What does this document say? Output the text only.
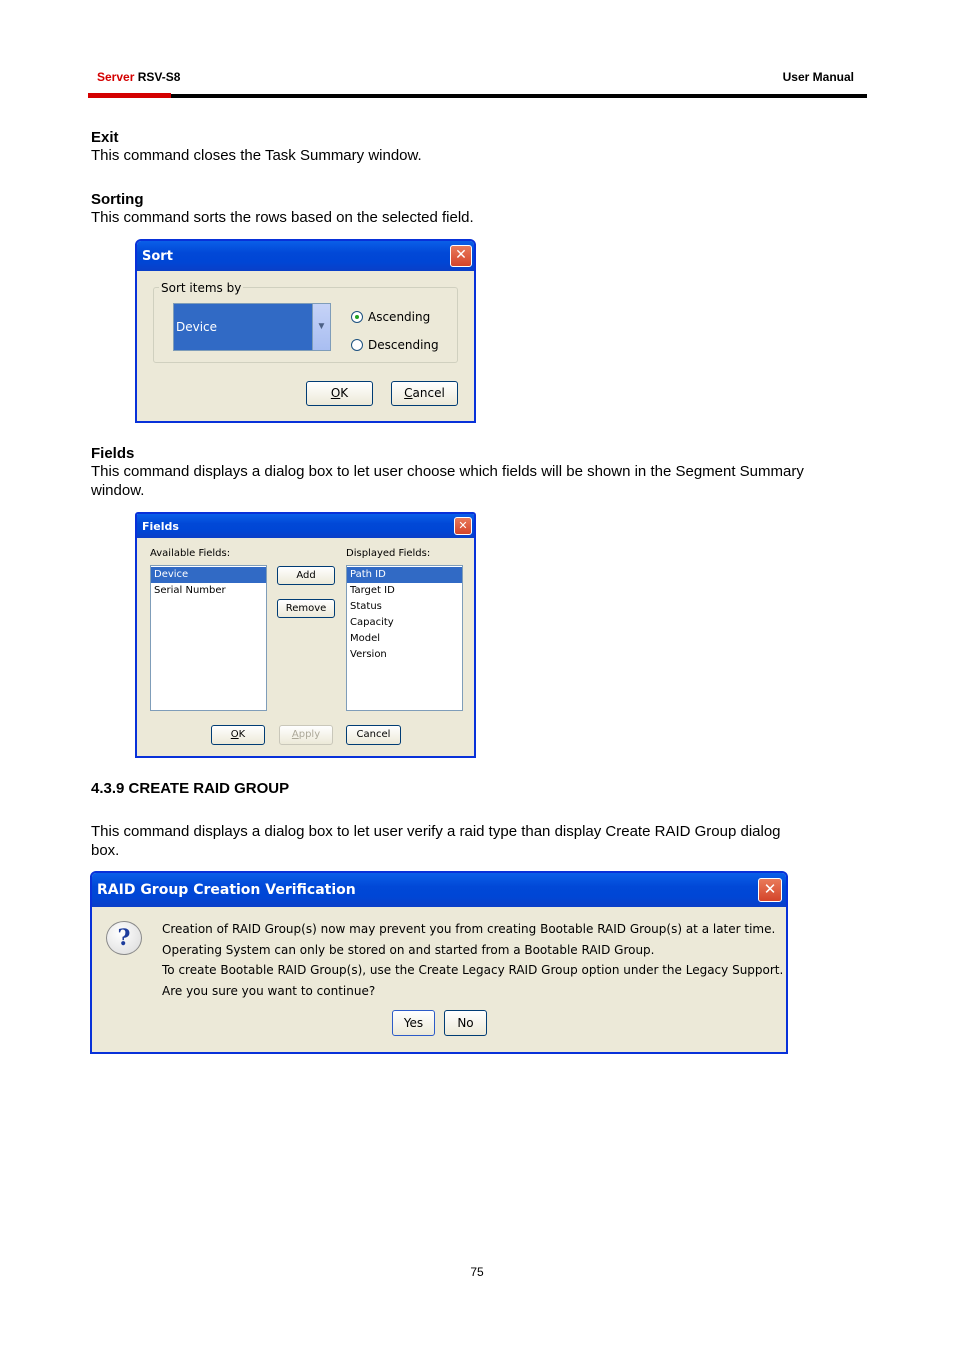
Server RSV-S8	User Manual
Exit
This command closes the Task Summary window.
Sorting
This command sorts the rows based on the selected field.
Sort	✕
Sort items by
Device	▼
Ascending
Descending
OK	Cancel
Fields
This command displays a dialog box to let user choose which fields will be shown in the Segment Summary
window.
Fields	✕
Available Fields:	Displayed Fields:
Device
Serial Number
Add
Remove
Path ID
Target ID
Status
Capacity
Model
Version
OK	Apply	Cancel
4.3.9 CREATE RAID GROUP
This command displays a dialog box to let user verify a raid type than display Create RAID Group dialog
box.
RAID Group Creation Verification	✕
?	Creation of RAID Group(s) now may prevent you from creating Bootable RAID Group(s) at a later time.
Operating System can only be stored on and started from a Bootable RAID Group.
To create Bootable RAID Group(s), use the Create Legacy RAID Group option under the Legacy Support.
Are you sure you want to continue?
Yes	No
75
